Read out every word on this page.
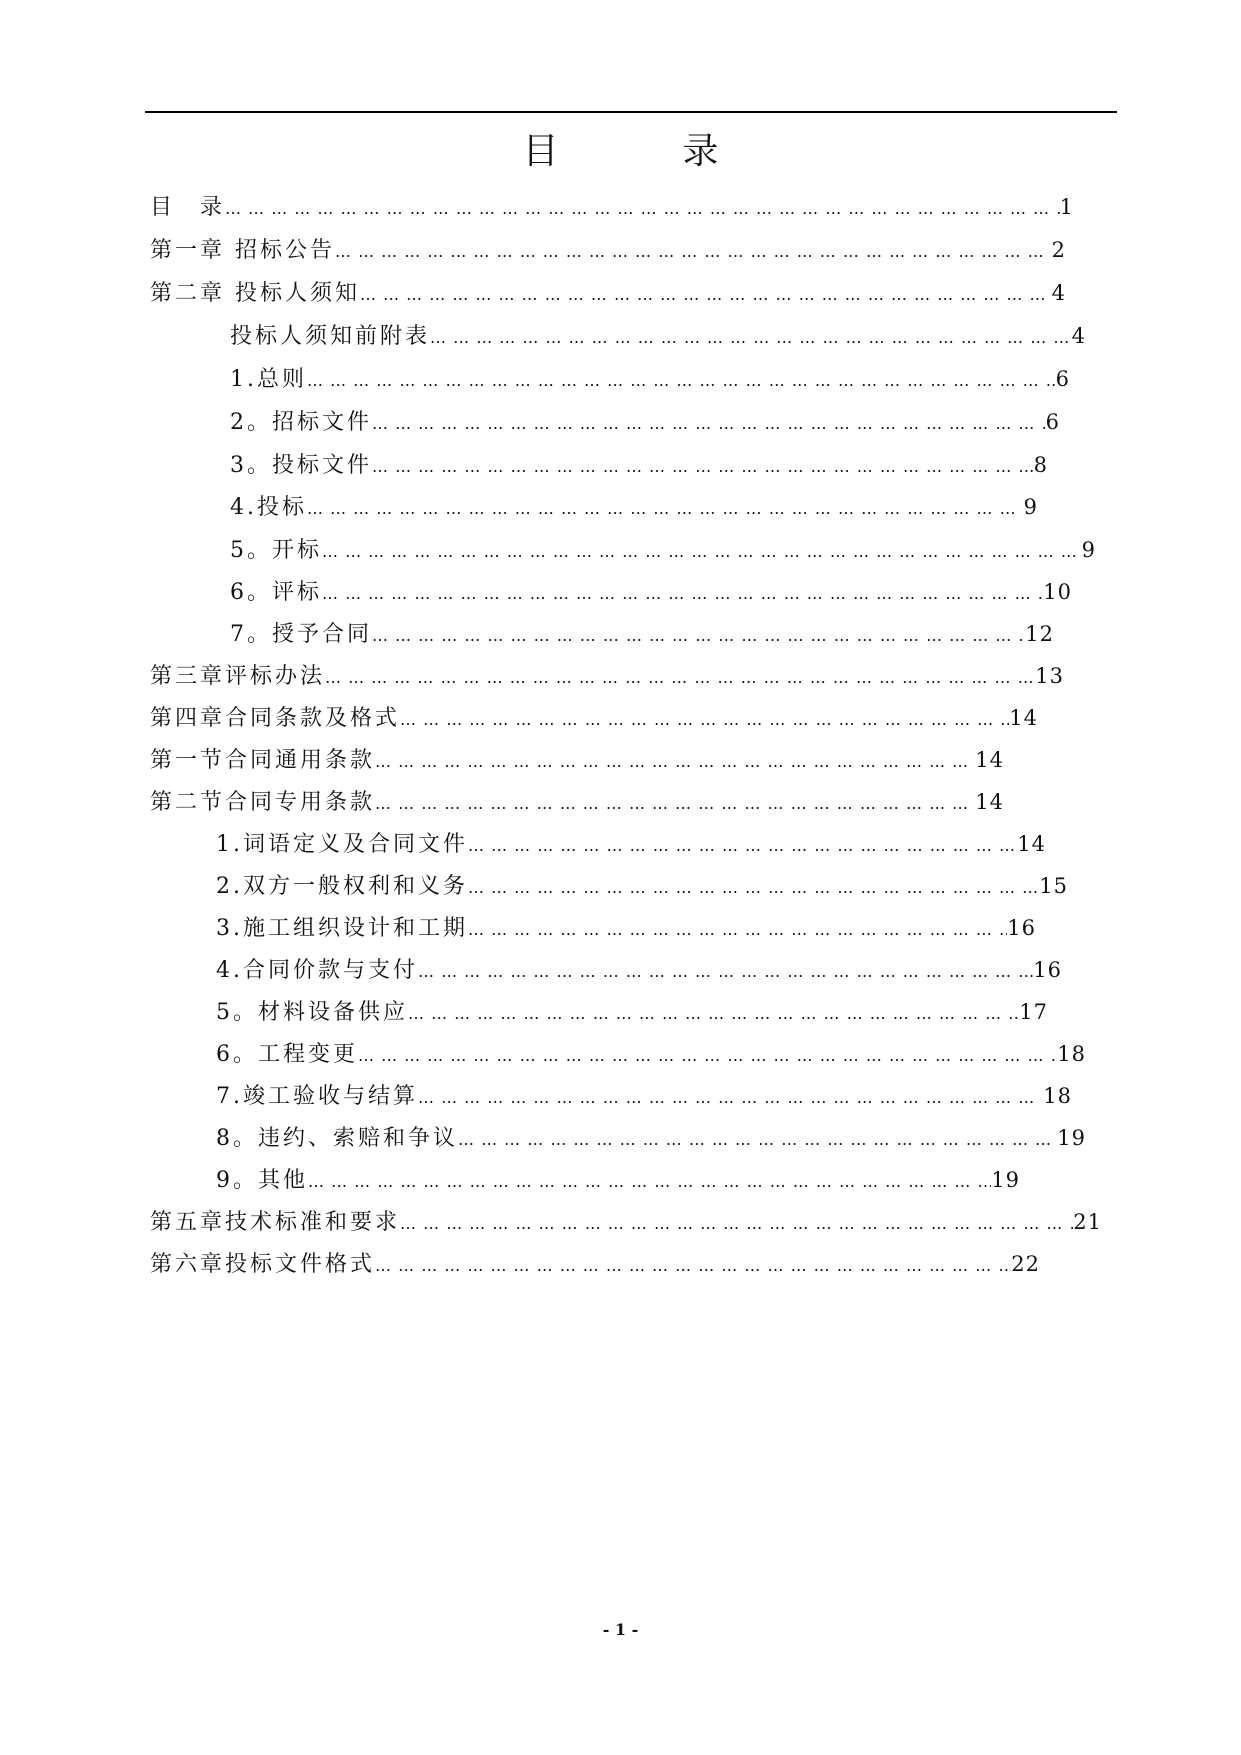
目　录
目　录 … … … … … … … … … … … … … … … … … … … … … … … … … … … … … … … … … … … … … … … … … … … … … … … … … … … … … … … … … … … … … … … … … … … … … …	1
第一章 招标公告 … … … … … … … … … … … … … … … … … … … … … … … … … … … … … … … … … … … … … … … … … … … … … … … … … … … … … … … … … … … … … … … … … … … … … …	2
第二章 投标人须知 … … … … … … … … … … … … … … … … … … … … … … … … … … … … … … … … … … … … … … … … … … … … … … … … … … … … … … … … … … … … … … … … … … … … … …	4
投标人须知前附表 … … … … … … … … … … … … … … … … … … … … … … … … … … … … … … … … … … … … … … … … … … … … … … … … … … … … … … … … … … … … … … … … … … … … … …	4
1.总则 … … … … … … … … … … … … … … … … … … … … … … … … … … … … … … … … … … … … … … … … … … … … … … … … … … … … … … … … … … … … … … … … … … … … … …	6
2。招标文件 … … … … … … … … … … … … … … … … … … … … … … … … … … … … … … … … … … … … … … … … … … … … … … … … … … … … … … … … … … … … … … … … … … … … … …	6
3。投标文件 … … … … … … … … … … … … … … … … … … … … … … … … … … … … … … … … … … … … … … … … … … … … … … … … … … … … … … … … … … … … … … … … … … … … … …	8
4.投标 … … … … … … … … … … … … … … … … … … … … … … … … … … … … … … … … … … … … … … … … … … … … … … … … … … … … … … … … … … … … … … … … … … … … … …	9
5。开标 … … … … … … … … … … … … … … … … … … … … … … … … … … … … … … … … … … … … … … … … … … … … … … … … … … … … … … … … … … … … … … … … … … … … … …	9
6。评标 … … … … … … … … … … … … … … … … … … … … … … … … … … … … … … … … … … … … … … … … … … … … … … … … … … … … … … … … … … … … … … … … … … … … … …	10
7。授予合同 … … … … … … … … … … … … … … … … … … … … … … … … … … … … … … … … … … … … … … … … … … … … … … … … … … … … … … … … … … … … … … … … … … … … … …	12
第三章评标办法 … … … … … … … … … … … … … … … … … … … … … … … … … … … … … … … … … … … … … … … … … … … … … … … … … … … … … … … … … … … … … … … … … … … … … …	13
第四章合同条款及格式 … … … … … … … … … … … … … … … … … … … … … … … … … … … … … … … … … … … … … … … … … … … … … … … … … … … … … … … … … … … … … … … … … … … … … …	14
第一节合同通用条款 … … … … … … … … … … … … … … … … … … … … … … … … … … … … … … … … … … … … … … … … … … … … … … … … … … … … … … … … … … … … … … … … … … … … … …	14
第二节合同专用条款 … … … … … … … … … … … … … … … … … … … … … … … … … … … … … … … … … … … … … … … … … … … … … … … … … … … … … … … … … … … … … … … … … … … … … …	14
1.词语定义及合同文件 … … … … … … … … … … … … … … … … … … … … … … … … … … … … … … … … … … … … … … … … … … … … … … … … … … … … … … … … … … … … … … … … … … … … … …	14
2.双方一般权利和义务 … … … … … … … … … … … … … … … … … … … … … … … … … … … … … … … … … … … … … … … … … … … … … … … … … … … … … … … … … … … … … … … … … … … … … …	15
3.施工组织设计和工期 … … … … … … … … … … … … … … … … … … … … … … … … … … … … … … … … … … … … … … … … … … … … … … … … … … … … … … … … … … … … … … … … … … … … … …	16
4.合同价款与支付 … … … … … … … … … … … … … … … … … … … … … … … … … … … … … … … … … … … … … … … … … … … … … … … … … … … … … … … … … … … … … … … … … … … … … …	16
5。材料设备供应 … … … … … … … … … … … … … … … … … … … … … … … … … … … … … … … … … … … … … … … … … … … … … … … … … … … … … … … … … … … … … … … … … … … … … …	17
6。工程变更 … … … … … … … … … … … … … … … … … … … … … … … … … … … … … … … … … … … … … … … … … … … … … … … … … … … … … … … … … … … … … … … … … … … … … …	18
7.竣工验收与结算 … … … … … … … … … … … … … … … … … … … … … … … … … … … … … … … … … … … … … … … … … … … … … … … … … … … … … … … … … … … … … … … … … … … … … …	18
8。违约、索赔和争议 … … … … … … … … … … … … … … … … … … … … … … … … … … … … … … … … … … … … … … … … … … … … … … … … … … … … … … … … … … … … … … … … … … … … … …	19
9。其他 … … … … … … … … … … … … … … … … … … … … … … … … … … … … … … … … … … … … … … … … … … … … … … … … … … … … … … … … … … … … … … … … … … … … … …	19
第五章技术标准和要求 … … … … … … … … … … … … … … … … … … … … … … … … … … … … … … … … … … … … … … … … … … … … … … … … … … … … … … … … … … … … … … … … … … … … … …	21
第六章投标文件格式 … … … … … … … … … … … … … … … … … … … … … … … … … … … … … … … … … … … … … … … … … … … … … … … … … … … … … … … … … … … … … … … … … … … … … …	22
- 1 -
